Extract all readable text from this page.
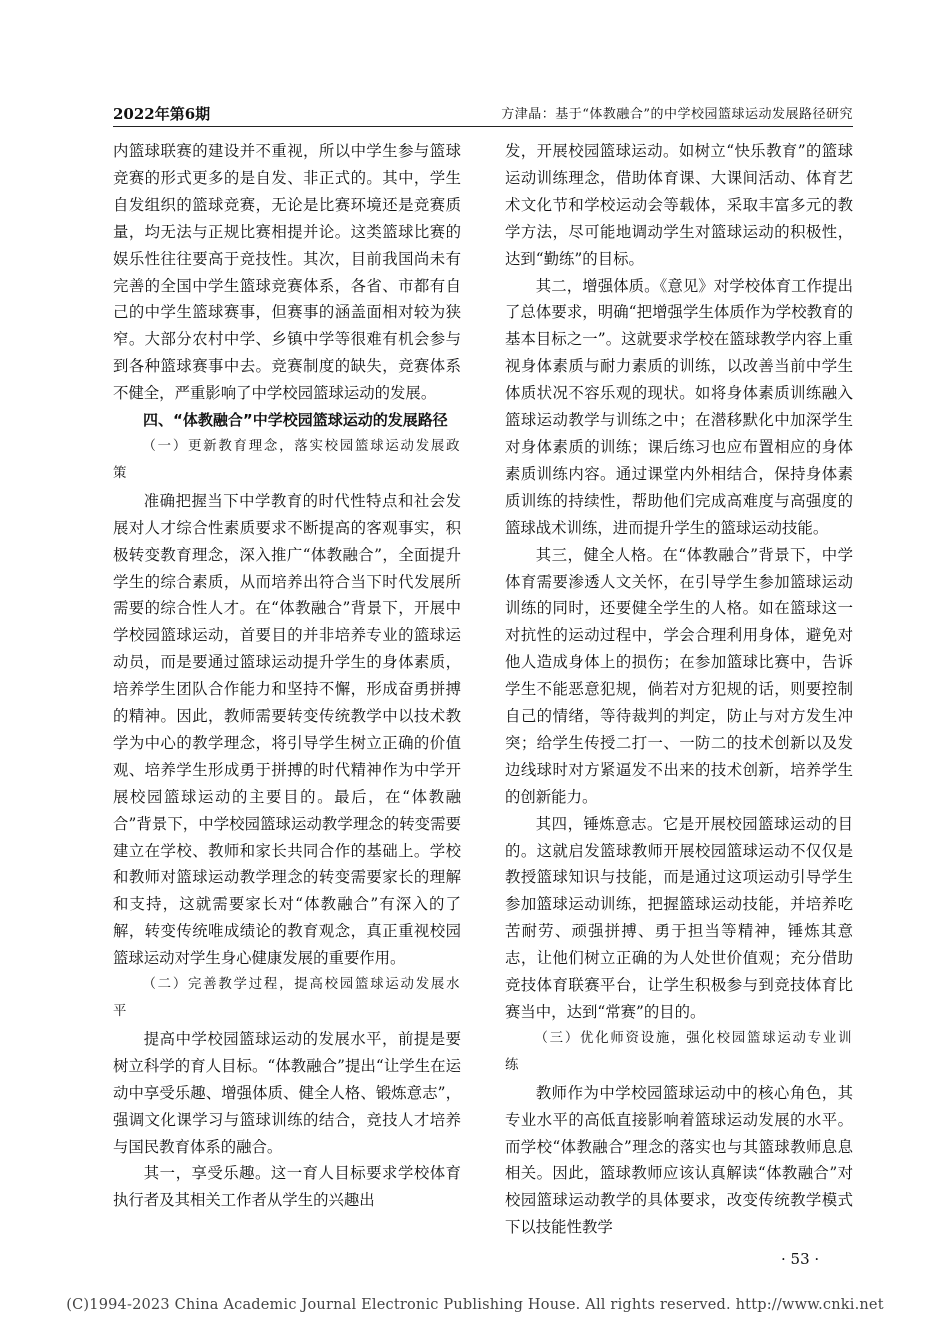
2022年第6期	方津晶：基于“体教融合”的中学校园篮球运动发展路径研究

内篮球联赛的建设并不重视，所以中学生参与篮球竞赛的形式更多的是自发、非正式的。其中，学生自发组织的篮球竞赛，无论是比赛环境还是竞赛质量，均无法与正规比赛相提并论。这类篮球比赛的娱乐性往往要高于竞技性。其次，目前我国尚未有完善的全国中学生篮球竞赛体系，各省、市都有自己的中学生篮球赛事，但赛事的涵盖面相对较为狭窄。大部分农村中学、乡镇中学等很难有机会参与到各种篮球赛事中去。竞赛制度的缺失，竞赛体系不健全，严重影响了中学校园篮球运动的发展。

四、“体教融合”中学校园篮球运动的发展路径

（一）更新教育理念，落实校园篮球运动发展政策

准确把握当下中学教育的时代性特点和社会发展对人才综合性素质要求不断提高的客观事实，积极转变教育理念，深入推广“体教融合”，全面提升学生的综合素质，从而培养出符合当下时代发展所需要的综合性人才。在“体教融合”背景下，开展中学校园篮球运动，首要目的并非培养专业的篮球运动员，而是要通过篮球运动提升学生的身体素质，培养学生团队合作能力和坚持不懈，形成奋勇拼搏的精神。因此，教师需要转变传统教学中以技术教学为中心的教学理念，将引导学生树立正确的价值观、培养学生形成勇于拼搏的时代精神作为中学开展校园篮球运动的主要目的。最后，在“体教融合”背景下，中学校园篮球运动教学理念的转变需要建立在学校、教师和家长共同合作的基础上。学校和教师对篮球运动教学理念的转变需要家长的理解和支持，这就需要家长对“体教融合”有深入的了解，转变传统唯成绩论的教育观念，真正重视校园篮球运动对学生身心健康发展的重要作用。

（二）完善教学过程，提高校园篮球运动发展水平

提高中学校园篮球运动的发展水平，前提是要树立科学的育人目标。“体教融合”提出“让学生在运动中享受乐趣、增强体质、健全人格、锻炼意志”，强调文化课学习与篮球训练的结合，竞技人才培养与国民教育体系的融合。

其一，享受乐趣。这一育人目标要求学校体育执行者及其相关工作者从学生的兴趣出

发，开展校园篮球运动。如树立“快乐教育”的篮球运动训练理念，借助体育课、大课间活动、体育艺术文化节和学校运动会等载体，采取丰富多元的教学方法，尽可能地调动学生对篮球运动的积极性，达到“勤练”的目标。

其二，增强体质。《意见》对学校体育工作提出了总体要求，明确“把增强学生体质作为学校教育的基本目标之一”。这就要求学校在篮球教学内容上重视身体素质与耐力素质的训练，以改善当前中学生体质状况不容乐观的现状。如将身体素质训练融入篮球运动教学与训练之中；在潜移默化中加深学生对身体素质的训练；课后练习也应布置相应的身体素质训练内容。通过课堂内外相结合，保持身体素质训练的持续性，帮助他们完成高难度与高强度的篮球战术训练，进而提升学生的篮球运动技能。

其三，健全人格。在“体教融合”背景下，中学体育需要渗透人文关怀，在引导学生参加篮球运动训练的同时，还要健全学生的人格。如在篮球这一对抗性的运动过程中，学会合理利用身体，避免对他人造成身体上的损伤；在参加篮球比赛中，告诉学生不能恶意犯规，倘若对方犯规的话，则要控制自己的情绪，等待裁判的判定，防止与对方发生冲突；给学生传授二打一、一防二的技术创新以及发边线球时对方紧逼发不出来的技术创新，培养学生的创新能力。

其四，锤炼意志。它是开展校园篮球运动的目的。这就启发篮球教师开展校园篮球运动不仅仅是教授篮球知识与技能，而是通过这项运动引导学生参加篮球运动训练，把握篮球运动技能，并培养吃苦耐劳、顽强拼搏、勇于担当等精神，锤炼其意志，让他们树立正确的为人处世价值观；充分借助竞技体育联赛平台，让学生积极参与到竞技体育比赛当中，达到“常赛”的目的。

（三）优化师资设施，强化校园篮球运动专业训练

教师作为中学校园篮球运动中的核心角色，其专业水平的高低直接影响着篮球运动发展的水平。而学校“体教融合”理念的落实也与其篮球教师息息相关。因此，篮球教师应该认真解读“体教融合”对校园篮球运动教学的具体要求，改变传统教学模式下以技能性教学

· 53 ·
(C)1994-2023 China Academic Journal Electronic Publishing House. All rights reserved. http://www.cnki.net
